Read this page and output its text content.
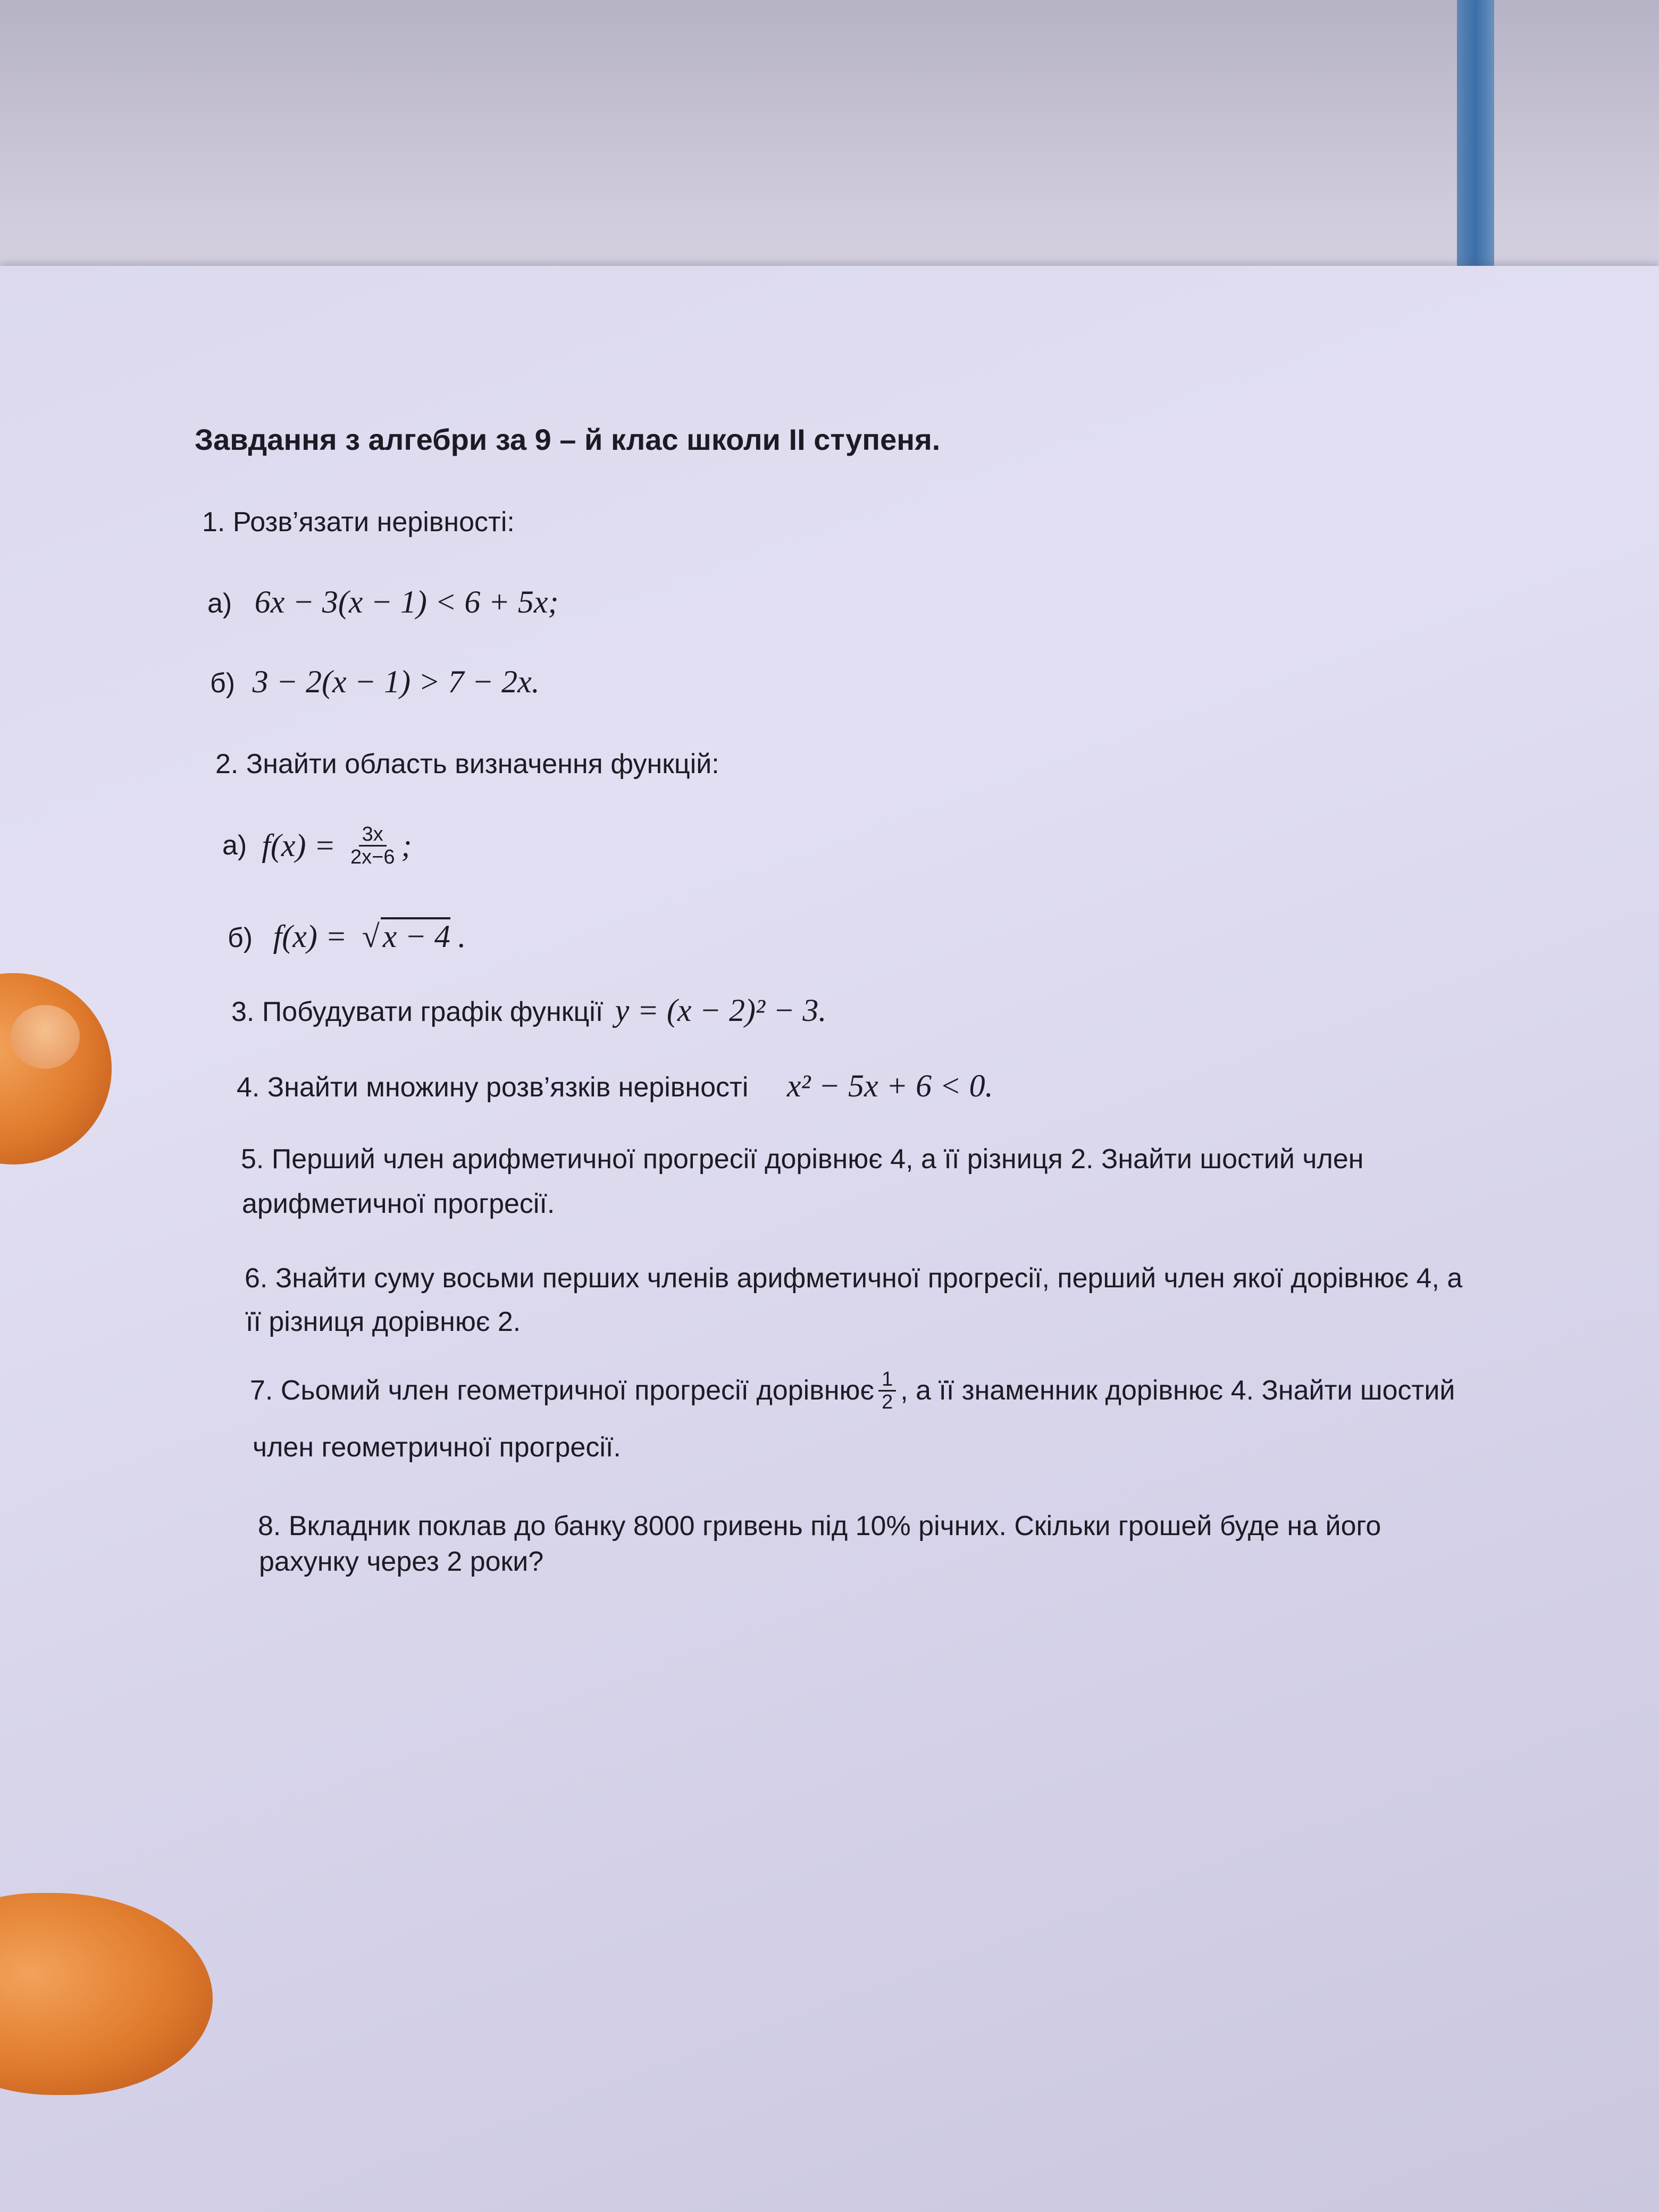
Завдання з алгебри за 9 – й клас школи II ступеня.
1. Розв’язати нерівності:
а) 6x − 3(x − 1) < 6 + 5x;
б) 3 − 2(x − 1) > 7 − 2x.
2. Знайти область визначення функцій:
а) $f(x) = \frac{3x}{2x-6}$ ;
б) f(x) = √ x − 4 .
3. Побудувати графік функції y = (x − 2)² − 3.
4. Знайти множину розв’язків нерівності x² − 5x + 6 < 0.
5. Перший член арифметичної прогресії дорівнює 4, а її різниця 2. Знайти шостий член
арифметичної прогресії.
6. Знайти суму восьми перших членів арифметичної прогресії, перший член якої дорівнює 4, а
її різниця дорівнює 2.
7. Сьомий член геометричної прогресії дорівнює $\frac{1}{2}$ , а її знаменник дорівнює 4. Знайти шостий
член геометричної прогресії.
8. Вкладник поклав до банку 8000 гривень під 10% річних. Скільки грошей буде на його
рахунку через 2 роки?
